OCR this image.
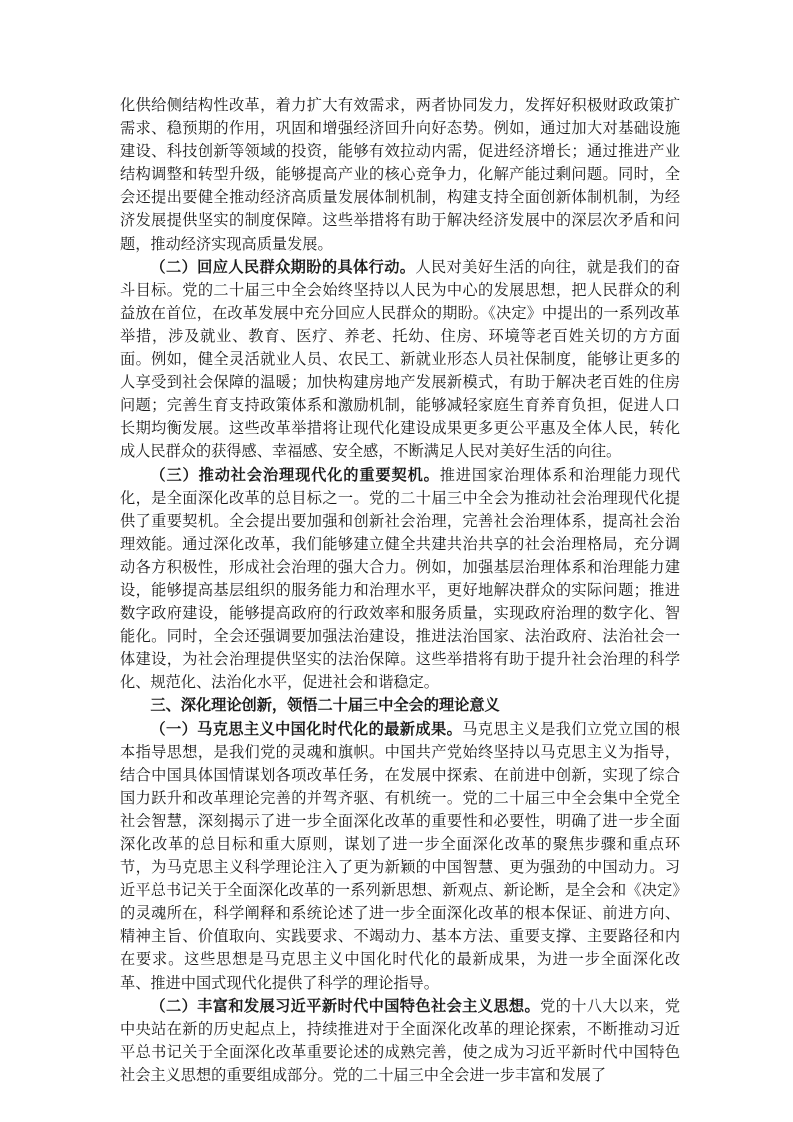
化供给侧结构性改革，着力扩大有效需求，两者协同发力，发挥好积极财政政策扩需求、稳预期的作用，巩固和增强经济回升向好态势。例如，通过加大对基础设施建设、科技创新等领域的投资，能够有效拉动内需，促进经济增长；通过推进产业结构调整和转型升级，能够提高产业的核心竞争力，化解产能过剩问题。同时，全会还提出要健全推动经济高质量发展体制机制，构建支持全面创新体制机制，为经济发展提供坚实的制度保障。这些举措将有助于解决经济发展中的深层次矛盾和问题，推动经济实现高质量发展。

（二）回应人民群众期盼的具体行动。人民对美好生活的向往，就是我们的奋斗目标。党的二十届三中全会始终坚持以人民为中心的发展思想，把人民群众的利益放在首位，在改革发展中充分回应人民群众的期盼。《决定》中提出的一系列改革举措，涉及就业、教育、医疗、养老、托幼、住房、环境等老百姓关切的方方面面。例如，健全灵活就业人员、农民工、新就业形态人员社保制度，能够让更多的人享受到社会保障的温暖；加快构建房地产发展新模式，有助于解决老百姓的住房问题；完善生育支持政策体系和激励机制，能够减轻家庭生育养育负担，促进人口长期均衡发展。这些改革举措将让现代化建设成果更多更公平惠及全体人民，转化成人民群众的获得感、幸福感、安全感，不断满足人民对美好生活的向往。

（三）推动社会治理现代化的重要契机。推进国家治理体系和治理能力现代化，是全面深化改革的总目标之一。党的二十届三中全会为推动社会治理现代化提供了重要契机。全会提出要加强和创新社会治理，完善社会治理体系，提高社会治理效能。通过深化改革，我们能够建立健全共建共治共享的社会治理格局，充分调动各方积极性，形成社会治理的强大合力。例如，加强基层治理体系和治理能力建设，能够提高基层组织的服务能力和治理水平，更好地解决群众的实际问题；推进数字政府建设，能够提高政府的行政效率和服务质量，实现政府治理的数字化、智能化。同时，全会还强调要加强法治建设，推进法治国家、法治政府、法治社会一体建设，为社会治理提供坚实的法治保障。这些举措将有助于提升社会治理的科学化、规范化、法治化水平，促进社会和谐稳定。

三、深化理论创新，领悟二十届三中全会的理论意义

（一）马克思主义中国化时代化的最新成果。马克思主义是我们立党立国的根本指导思想，是我们党的灵魂和旗帜。中国共产党始终坚持以马克思主义为指导，结合中国具体国情谋划各项改革任务，在发展中探索、在前进中创新，实现了综合国力跃升和改革理论完善的并驾齐驱、有机统一。党的二十届三中全会集中全党全社会智慧，深刻揭示了进一步全面深化改革的重要性和必要性，明确了进一步全面深化改革的总目标和重大原则，谋划了进一步全面深化改革的聚焦步骤和重点环节，为马克思主义科学理论注入了更为新颖的中国智慧、更为强劲的中国动力。习近平总书记关于全面深化改革的一系列新思想、新观点、新论断，是全会和《决定》的灵魂所在，科学阐释和系统论述了进一步全面深化改革的根本保证、前进方向、精神主旨、价值取向、实践要求、不竭动力、基本方法、重要支撑、主要路径和内在要求。这些思想是马克思主义中国化时代化的最新成果，为进一步全面深化改革、推进中国式现代化提供了科学的理论指导。

（二）丰富和发展习近平新时代中国特色社会主义思想。党的十八大以来，党中央站在新的历史起点上，持续推进对于全面深化改革的理论探索，不断推动习近平总书记关于全面深化改革重要论述的成熟完善，使之成为习近平新时代中国特色社会主义思想的重要组成部分。党的二十届三中全会进一步丰富和发展了
